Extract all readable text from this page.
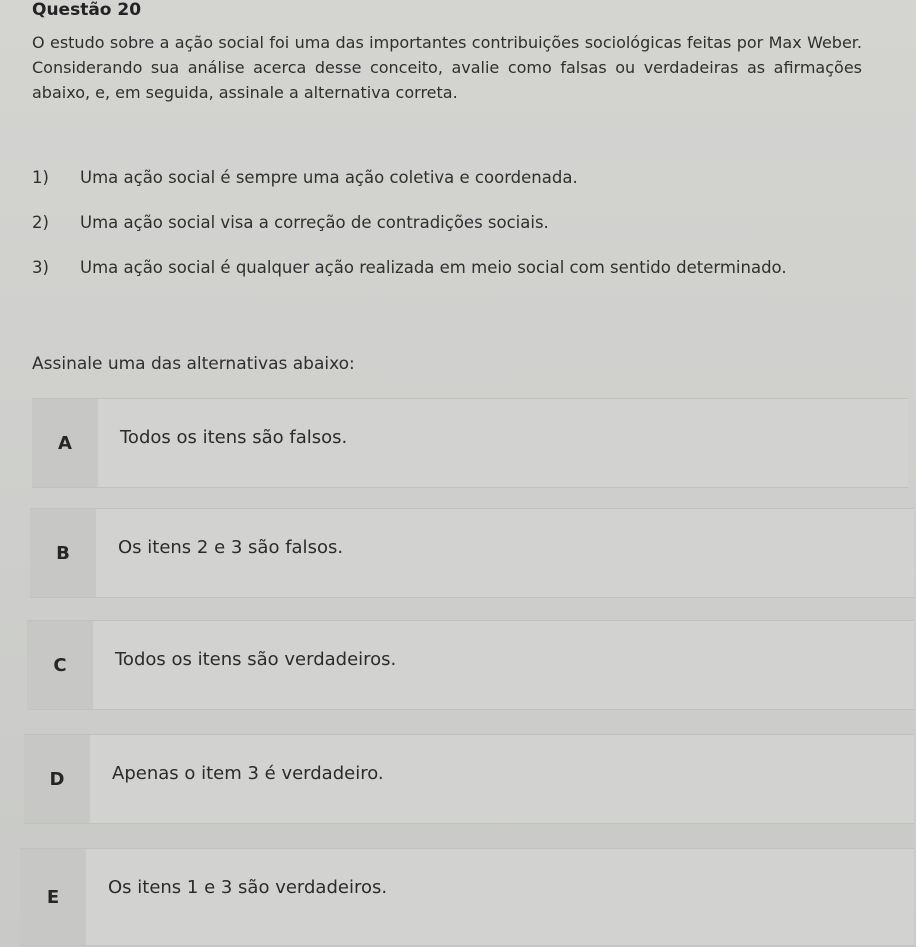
Questão 20
O estudo sobre a ação social foi uma das importantes contribuições sociológicas feitas por Max Weber. Considerando sua análise acerca desse conceito, avalie como falsas ou verdadeiras as afirmações abaixo, e, em seguida, assinale a alternativa correta.
1) Uma ação social é sempre uma ação coletiva e coordenada.
2) Uma ação social visa a correção de contradições sociais.
3) Uma ação social é qualquer ação realizada em meio social com sentido determinado.
Assinale uma das alternativas abaixo:
A	Todos os itens são falsos.
B	Os itens 2 e 3 são falsos.
C	Todos os itens são verdadeiros.
D	Apenas o item 3 é verdadeiro.
E	Os itens 1 e 3 são verdadeiros.
